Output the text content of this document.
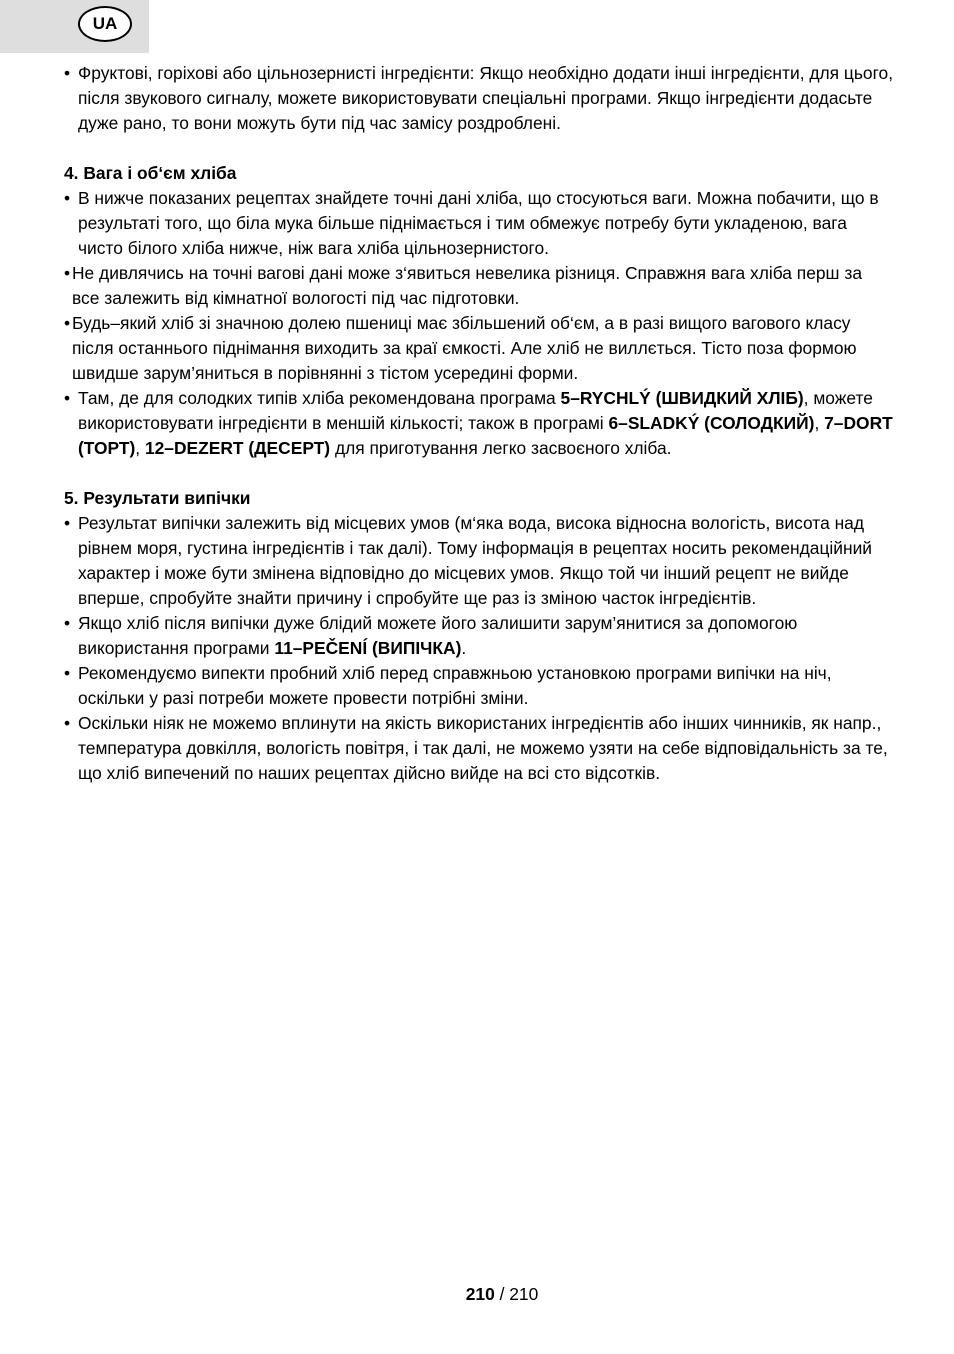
UA

• Фруктові, горіхові або цільнозернисті інгредієнти: Якщо необхідно додати інші інгредієнти, для цього, після звукового сигналу, можете використовувати спеціальні програми. Якщо інгредієнти додасьте дуже рано, то вони можуть бути під час замісу роздроблені.

4. Вага і об‘єм хліба

• В нижче показаних рецептах знайдете точні дані хліба, що стосуються ваги. Можна побачити, що в результаті того, що біла мука більше піднімається і тим обмежує потребу бути укладеною, вага чисто білого хліба нижче, ніж вага хліба цільнозернистого.

• Не дивлячись на точні вагові дані може з‘явиться невелика різниця. Справжня вага хліба перш за все залежить від кімнатної вологості під час підготовки.

• Будь–який хліб зі значною долею пшениці має збільшений об‘єм, а в разі вищого вагового класу після останнього піднімання виходить за краї ємкості. Але хліб не виллється. Тісто поза формою швидше зарум’яниться в порівнянні з тістом усередині форми.

• Там, де для солодких типів хліба рекомендована програма 5–RYCHLÝ (ШВИДКИЙ ХЛІБ), можете використовувати інгредієнти в меншій кількості; також в програмі 6–SLADKÝ (СОЛОДКИЙ), 7–DORT (ТОРТ), 12–DEZERT (ДЕСЕРТ) для приготування легко засвоєного хліба.

5. Результати випічки

• Результат випічки залежить від місцевих умов (м‘яка вода, висока відносна вологість, висота над рівнем моря, густина інгредієнтів і так далі). Тому інформація в рецептах носить рекомендаційний характер і може бути змінена відповідно до місцевих умов. Якщо той чи інший рецепт не вийде вперше, спробуйте знайти причину і спробуйте ще раз із зміною часток інгредієнтів.

• Якщо хліб після випічки дуже блідий можете його залишити зарум’янитися за допомогою використання програми 11–PEČENÍ (ВИПІЧКА).

• Рекомендуємо випекти пробний хліб перед справжньою установкою програми випічки на ніч, оскільки у разі потреби можете провести потрібні зміни.

• Оскільки ніяк не можемо вплинути на якість використаних інгредієнтів або інших чинників, як напр., температура довкілля, вологість повітря, і так далі, не можемо узяти на себе відповідальність за те, що хліб випечений по наших рецептах дійсно вийде на всі сто відсотків.

210 / 210
